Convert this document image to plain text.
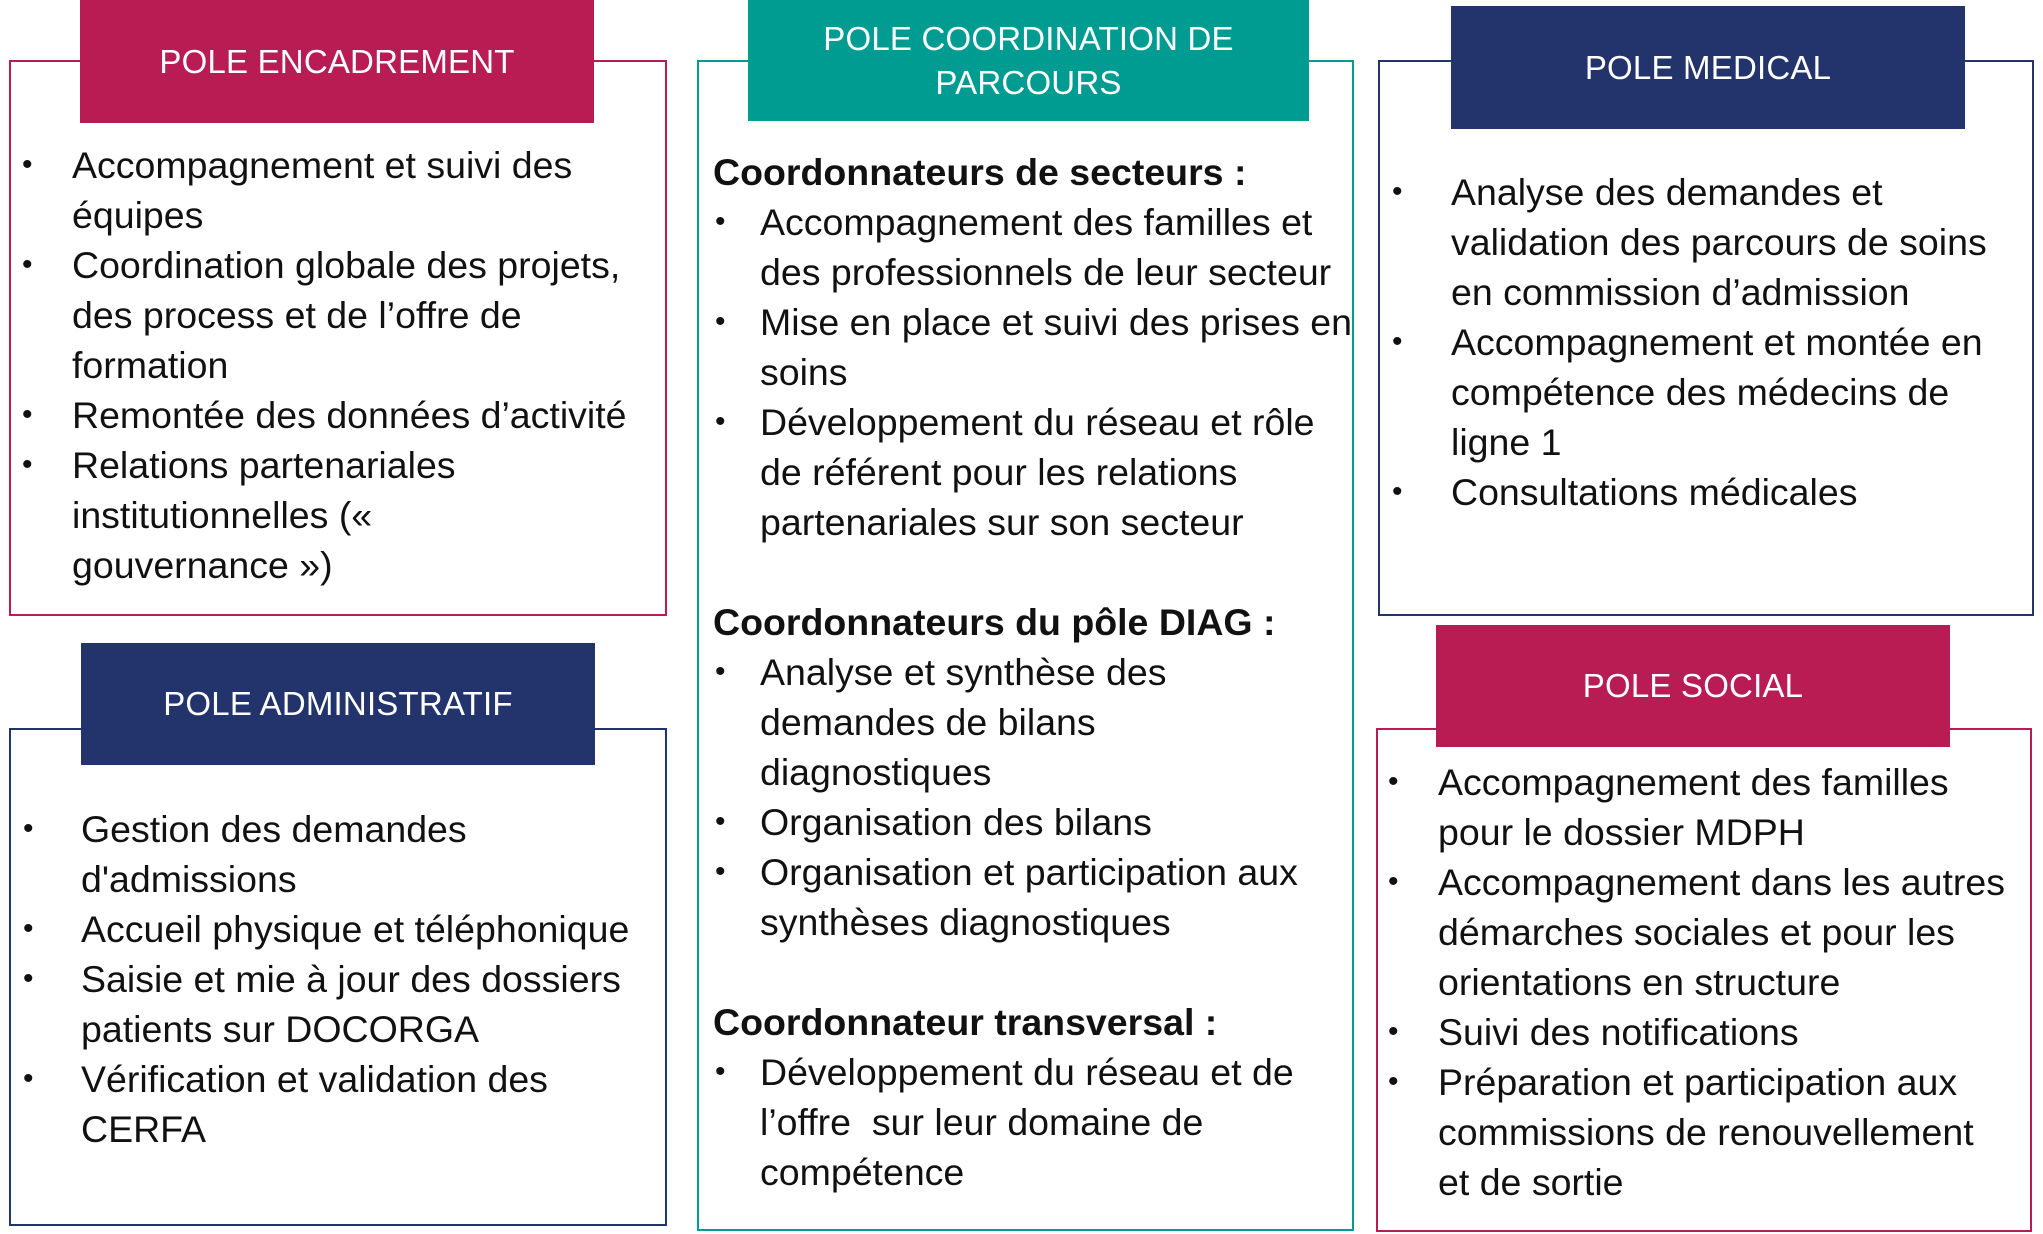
POLE ENCADREMENT
• Accompagnement et suivi des équipes
• Coordination globale des projets, des process et de l’offre de formation
• Remontée des données d’activité
• Relations partenariales institutionnelles (« gouvernance »)
POLE ADMINISTRATIF
• Gestion des demandes d'admissions
• Accueil physique et téléphonique
• Saisie et mie à jour des dossiers patients sur DOCORGA
• Vérification et validation des CERFA
POLE COORDINATION DE PARCOURS
Coordonnateurs de secteurs :
• Accompagnement des familles et des professionnels de leur secteur
• Mise en place et suivi des prises en soins
• Développement du réseau et rôle de référent pour les relations partenariales sur son secteur
Coordonnateurs du pôle DIAG :
• Analyse et synthèse des demandes de bilans diagnostiques
• Organisation des bilans
• Organisation et participation aux synthèses diagnostiques
Coordonnateur transversal :
• Développement du réseau et de l’offre  sur leur domaine de compétence
POLE MEDICAL
• Analyse des demandes et validation des parcours de soins en commission d’admission
• Accompagnement et montée en compétence des médecins de ligne 1
• Consultations médicales
POLE SOCIAL
• Accompagnement des familles pour le dossier MDPH
• Accompagnement dans les autres démarches sociales et pour les orientations en structure
• Suivi des notifications
• Préparation et participation aux commissions de renouvellement et de sortie
